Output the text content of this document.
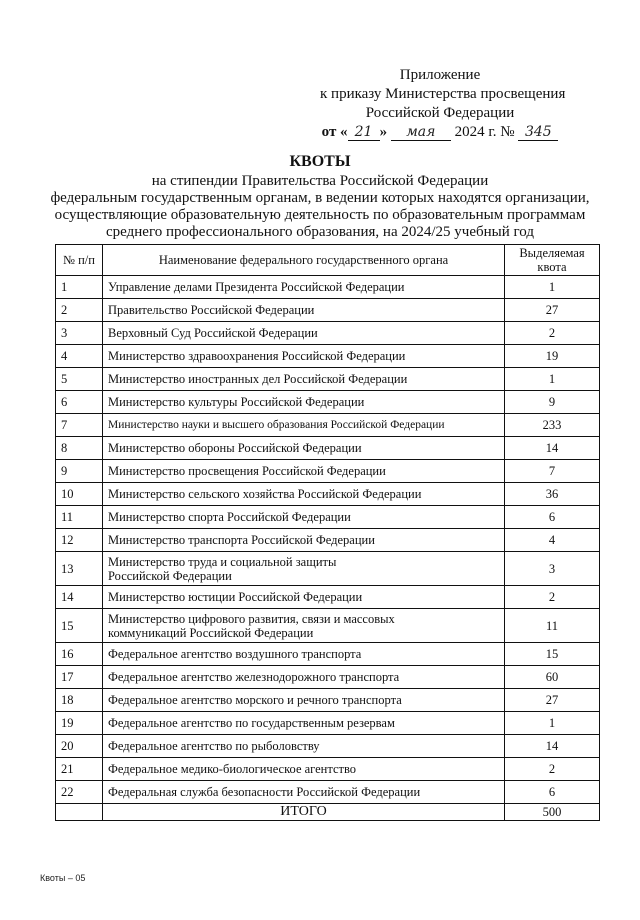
Приложение
к приказу Министерства просвещения
Российской Федерации
от « 21 » мая 2024 г. № 345
КВОТЫ
на стипендии Правительства Российской Федерации
федеральным государственным органам, в ведении которых находятся организации,
осуществляющие образовательную деятельность по образовательным программам
среднего профессионального образования, на 2024/25 учебный год
№ п/п	Наименование федерального государственного органа	Выделяемая квота
1	Управление делами Президента Российской Федерации	1
2	Правительство Российской Федерации	27
3	Верховный Суд Российской Федерации	2
4	Министерство здравоохранения Российской Федерации	19
5	Министерство иностранных дел Российской Федерации	1
6	Министерство культуры Российской Федерации	9
7	Министерство науки и высшего образования Российской Федерации	233
8	Министерство обороны Российской Федерации	14
9	Министерство просвещения Российской Федерации	7
10	Министерство сельского хозяйства Российской Федерации	36
11	Министерство спорта Российской Федерации	6
12	Министерство транспорта Российской Федерации	4
13	Министерство труда и социальной защиты Российской Федерации	3
14	Министерство юстиции Российской Федерации	2
15	Министерство цифрового развития, связи и массовых коммуникаций Российской Федерации	11
16	Федеральное агентство воздушного транспорта	15
17	Федеральное агентство железнодорожного транспорта	60
18	Федеральное агентство морского и речного транспорта	27
19	Федеральное агентство по государственным резервам	1
20	Федеральное агентство по рыболовству	14
21	Федеральное медико-биологическое агентство	2
22	Федеральная служба безопасности Российской Федерации	6
	ИТОГО	500
Квоты – 05
